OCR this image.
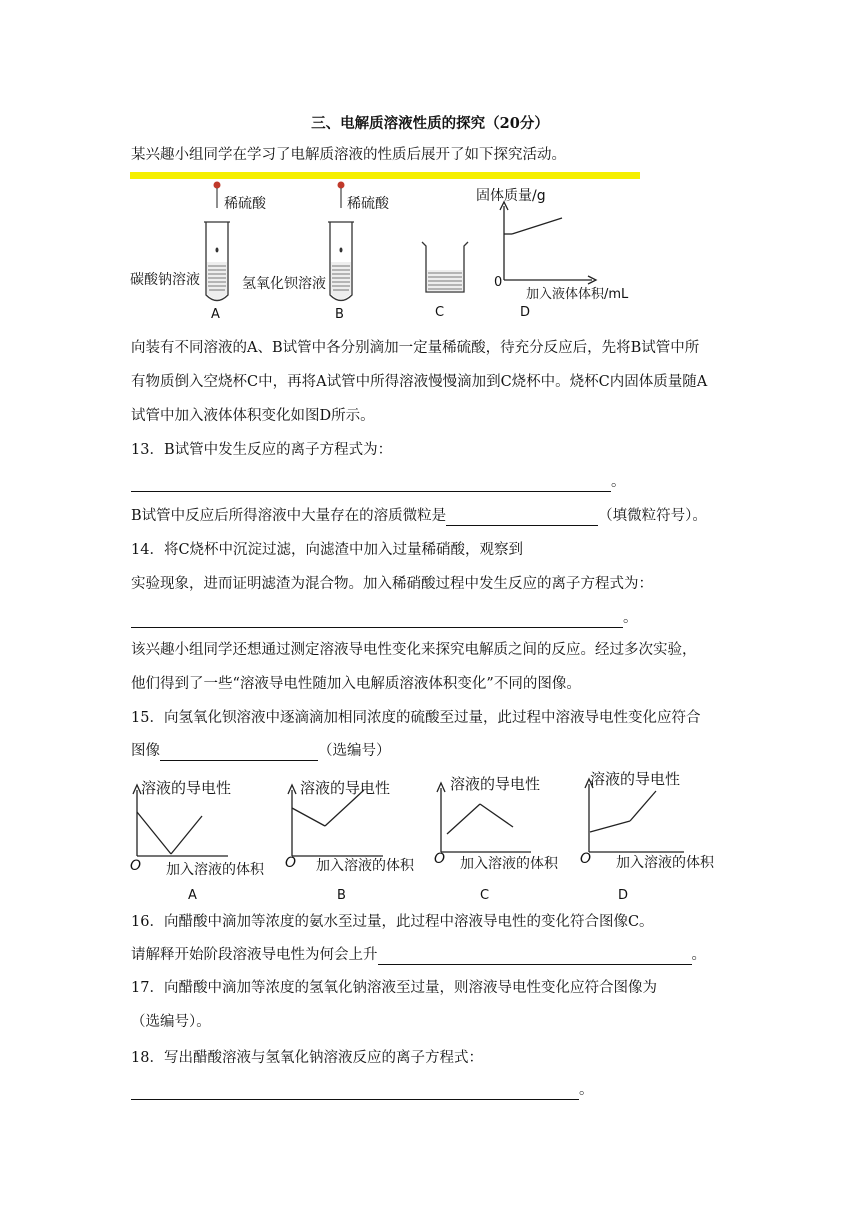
三、电解质溶液性质的探究（20分）
某兴趣小组同学在学习了电解质溶液的性质后展开了如下探究活动。
稀硫酸
碳酸钠溶液
A
稀硫酸
氢氧化钡溶液
B	C
固体质量/g
0
加入液体体积/mL
D
向装有不同溶液的A、B试管中各分别滴加一定量稀硫酸，待充分反应后，先将B试管中所
有物质倒入空烧杯C中，再将A试管中所得溶液慢慢滴加到C烧杯中。烧杯C内固体质量随A
试管中加入液体体积变化如图D所示。
13．B试管中发生反应的离子方程式为：
。
B试管中反应后所得溶液中大量存在的溶质微粒是	（填微粒符号）。
14．将C烧杯中沉淀过滤，向滤渣中加入过量稀硝酸，观察到
实验现象，进而证明滤渣为混合物。加入稀硝酸过程中发生反应的离子方程式为：
。
该兴趣小组同学还想通过测定溶液导电性变化来探究电解质之间的反应。经过多次实验，
他们得到了一些“溶液导电性随加入电解质溶液体积变化”不同的图像。
15．向氢氧化钡溶液中逐滴滴加相同浓度的硫酸至过量，此过程中溶液导电性变化应符合
图像	（选编号）
溶液的导电性
O 加入溶液的体积
A
溶液的导电性
O 加入溶液的体积
B
溶液的导电性
O 加入溶液的体积
C
溶液的导电性
O 加入溶液的体积
D
16．向醋酸中滴加等浓度的氨水至过量，此过程中溶液导电性的变化符合图像C。
请解释开始阶段溶液导电性为何会上升	。
17．向醋酸中滴加等浓度的氢氧化钠溶液至过量，则溶液导电性变化应符合图像为
（选编号）。
18．写出醋酸溶液与氢氧化钠溶液反应的离子方程式：
。
